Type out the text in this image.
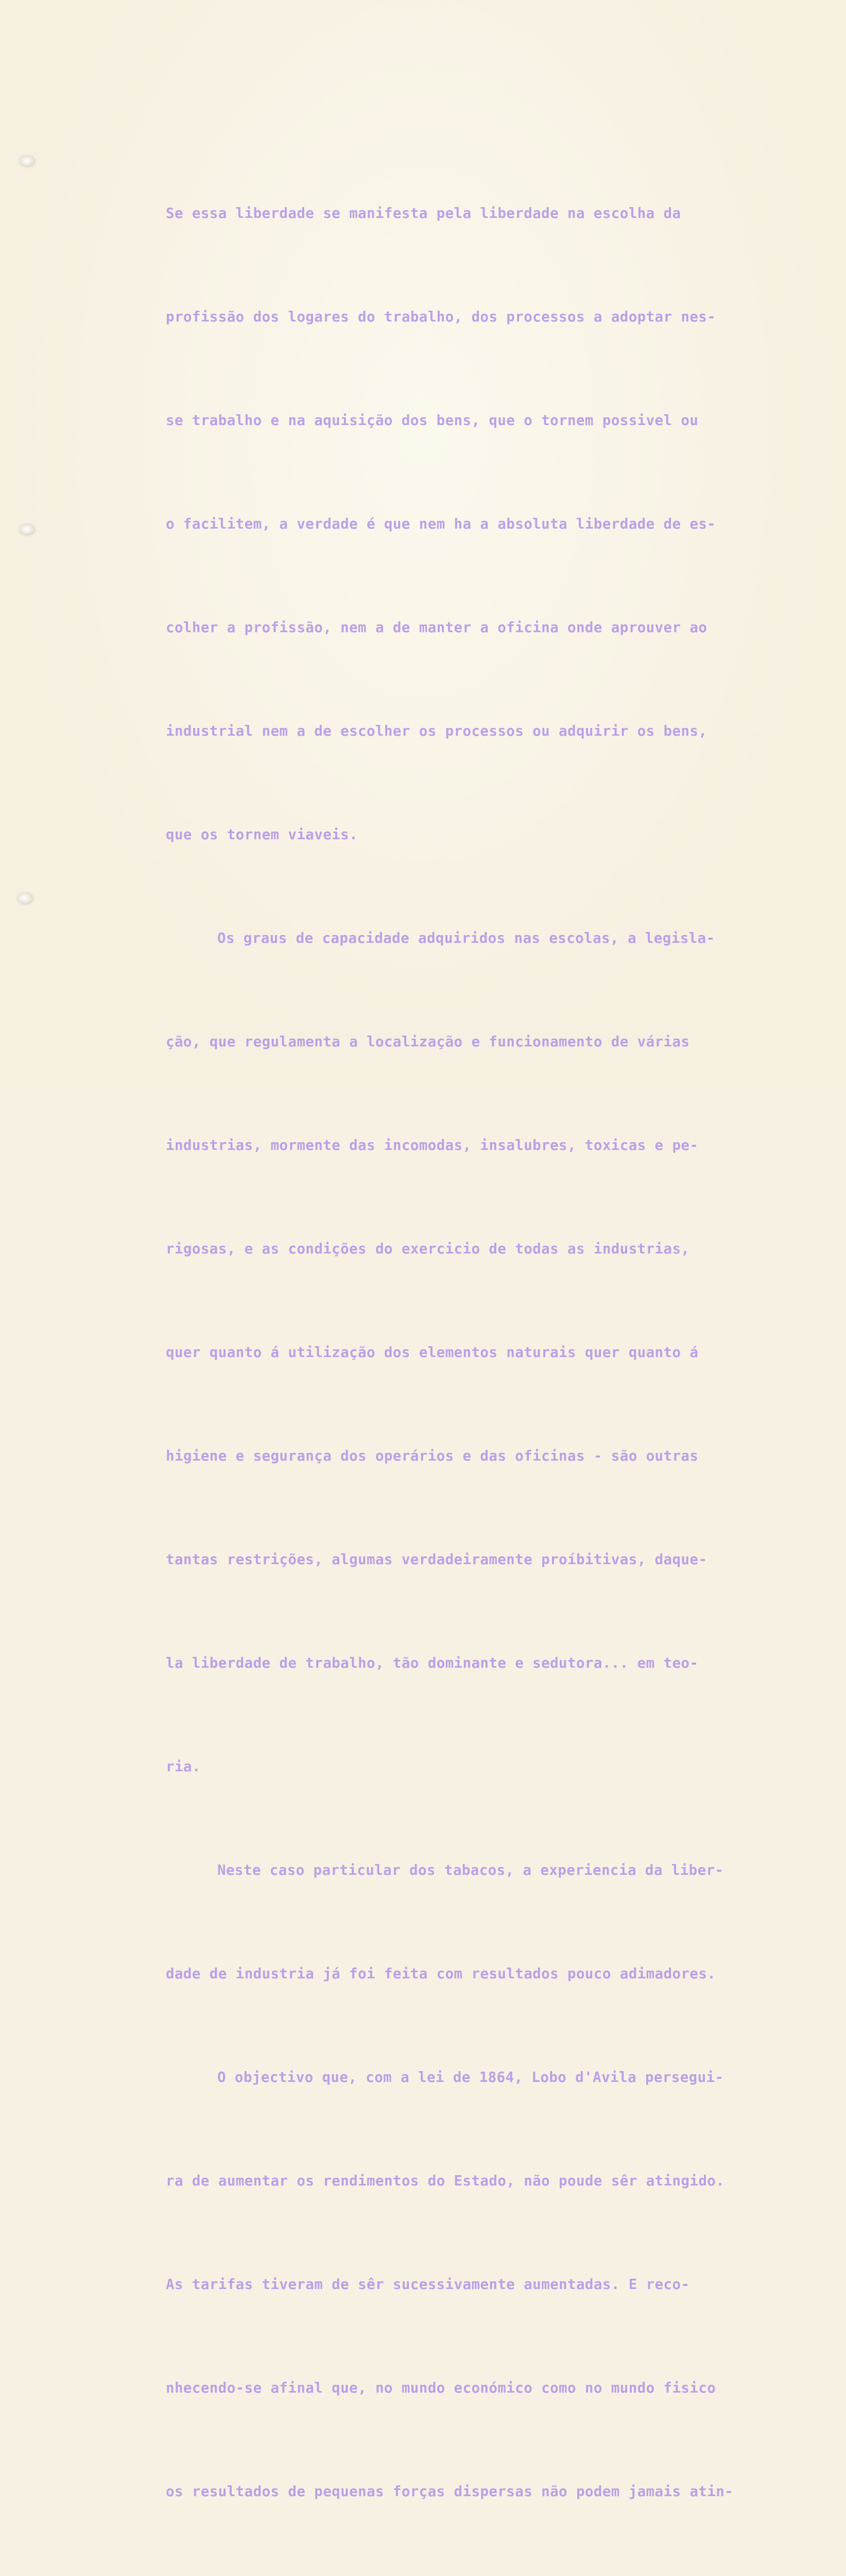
Se essa liberdade se manifesta pela liberdade na escolha da

profissão dos logares do trabalho, dos processos a adoptar nes-

se trabalho e na aquisição dos bens, que o tornem possivel ou

o facilitem, a verdade é que nem ha a absoluta liberdade de es-

colher a profissão, nem a de manter a oficina onde aprouver ao

industrial nem a de escolher os processos ou adquirir os bens,

que os tornem viaveis.

Os graus de capacidade adquiridos nas escolas, a legisla-

ção, que regulamenta a localização e funcionamento de várias

industrias, mormente das incomodas, insalubres, toxicas e pe-

rigosas, e as condições do exercicio de todas as industrias,

quer quanto á utilização dos elementos naturais quer quanto á

higiene e segurança dos operários e das oficinas - são outras

tantas restrições, algumas verdadeiramente proíbitivas, daque-

la liberdade de trabalho, tão dominante e sedutora... em teo-

ria.

Neste caso particular dos tabacos, a experiencia da liber-

dade de industria já foi feita com resultados pouco adimadores.

O objectivo que, com a lei de 1864, Lobo d'Avila persegui-

ra de aumentar os rendimentos do Estado, não poude sêr atingido.

As tarifas tiveram de sêr sucessivamente aumentadas. E reco-

nhecendo-se afinal que, no mundo económico como no mundo fisico

os resultados de pequenas forças dispersas não podem jamais atin-
